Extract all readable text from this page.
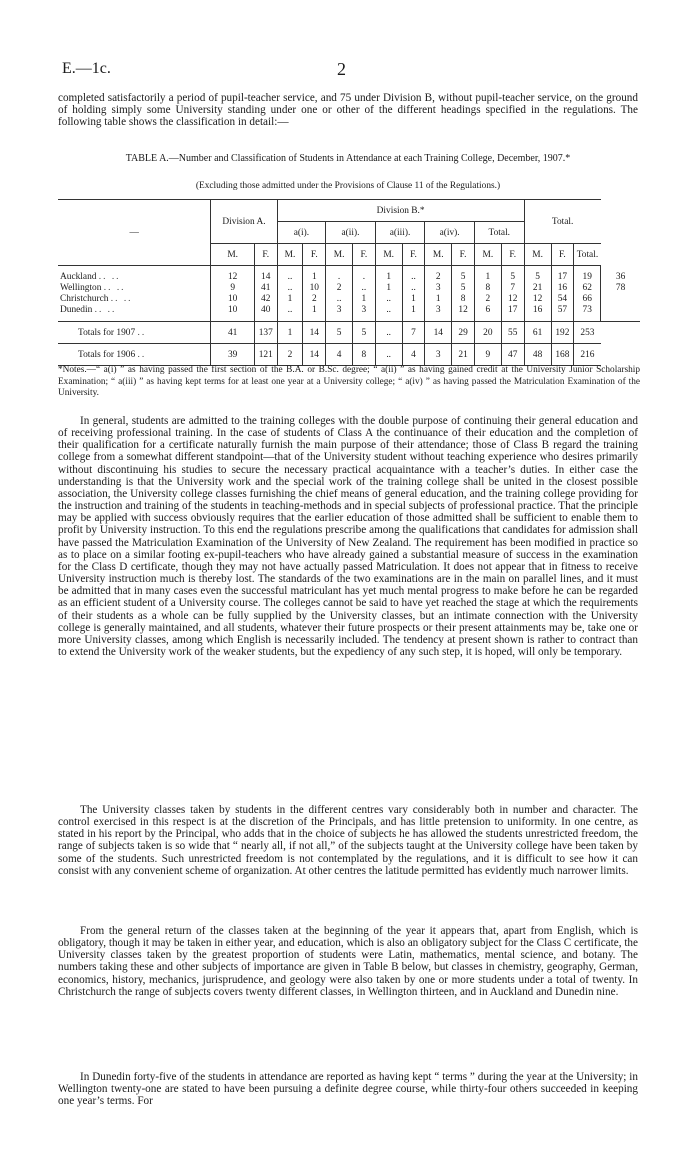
E.—1c.	2

completed satisfactorily a period of pupil-teacher service, and 75 under Division B, without pupil-teacher service, on the ground of holding simply some University standing under one or other of the different headings specified in the regulations. The following table shows the classification in detail:—

TABLE A.—Number and Classification of Students in Attendance at each Training College, December, 1907.*
(Excluding those admitted under the Provisions of Clause 11 of the Regulations.)
—	Division A.		Division B.*										Total.			
			a(i).		a(ii).		a(iii).		a(iv).		Total.					
	M.	F.	M.	F.	M.	F.	M.	F.	M.	F.	M.	F.	M.	F.	Total.	

Auckland .. ..	12	14	..	1	.	.	1	..	2	5	1	5	5	17	19	36
Wellington .. ..	9	41	..	10	2	..	1	..	3	5	8	7	21	16	62	78
Christchurch .. ..	10	42	1	2	..	1	..	1	1	8	2	12	12	54	66	
Dunedin .. ..	10	40	..	1	3	3	..	1	3	12	6	17	16	57	73	

Totals for 1907 ..	41	137	1	14	5	5	..	7	14	29	20	55	61	192	253	
Totals for 1906 ..	39	121	2	14	4	8	..	4	3	21	9	47	48	168	216	

*Notes.—“ a(i) ” as having passed the first section of the B.A. or B.Sc. degree; “ a(ii) ” as having gained credit at the University Junior Scholarship Examination; “ a(iii) ” as having kept terms for at least one year at a University college; “ a(iv) ” as having passed the Matriculation Examination of the University.

In general, students are admitted to the training colleges with the double purpose of continuing their general education and of receiving professional training. In the case of students of Class A the continuance of their education and the completion of their qualification for a certificate naturally furnish the main purpose of their attendance; those of Class B regard the training college from a somewhat different standpoint—that of the University student without teaching experience who desires primarily without discontinuing his studies to secure the necessary practical acquaintance with a teacher’s duties. In either case the understanding is that the University work and the special work of the training college shall be united in the closest possible association, the University college classes furnishing the chief means of general education, and the training college providing for the instruction and training of the students in teaching-methods and in special subjects of professional practice. That the principle may be applied with success obviously requires that the earlier education of those admitted shall be sufficient to enable them to profit by University instruction. To this end the regulations prescribe among the qualifications that candidates for admission shall have passed the Matriculation Examination of the University of New Zealand. The requirement has been modified in practice so as to place on a similar footing ex-pupil-teachers who have already gained a substantial measure of success in the examination for the Class D certificate, though they may not have actually passed Matriculation. It does not appear that in fitness to receive University instruction much is thereby lost. The standards of the two examinations are in the main on parallel lines, and it must be admitted that in many cases even the successful matriculant has yet much mental progress to make before he can be regarded as an efficient student of a University course. The colleges cannot be said to have yet reached the stage at which the requirements of their students as a whole can be fully supplied by the University classes, but an intimate connection with the University college is generally maintained, and all students, whatever their future prospects or their present attainments may be, take one or more University classes, among which English is necessarily included. The tendency at present shown is rather to contract than to extend the University work of the weaker students, but the expediency of any such step, it is hoped, will only be temporary.

The University classes taken by students in the different centres vary considerably both in number and character. The control exercised in this respect is at the discretion of the Principals, and has little pretension to uniformity. In one centre, as stated in his report by the Principal, who adds that in the choice of subjects he has allowed the students unrestricted freedom, the range of subjects taken is so wide that “ nearly all, if not all,” of the subjects taught at the University college have been taken by some of the students. Such unrestricted freedom is not contemplated by the regulations, and it is difficult to see how it can consist with any convenient scheme of organization. At other centres the latitude permitted has evidently much narrower limits.

From the general return of the classes taken at the beginning of the year it appears that, apart from English, which is obligatory, though it may be taken in either year, and education, which is also an obligatory subject for the Class C certificate, the University classes taken by the greatest proportion of students were Latin, mathematics, mental science, and botany. The numbers taking these and other subjects of importance are given in Table B below, but classes in chemistry, geography, German, economics, history, mechanics, jurisprudence, and geology were also taken by one or more students under a total of twenty. In Christchurch the range of subjects covers twenty different classes, in Wellington thirteen, and in Auckland and Dunedin nine.

In Dunedin forty-five of the students in attendance are reported as having kept “ terms ” during the year at the University; in Wellington twenty-one are stated to have been pursuing a definite degree course, while thirty-four others succeeded in keeping one year’s terms. For
